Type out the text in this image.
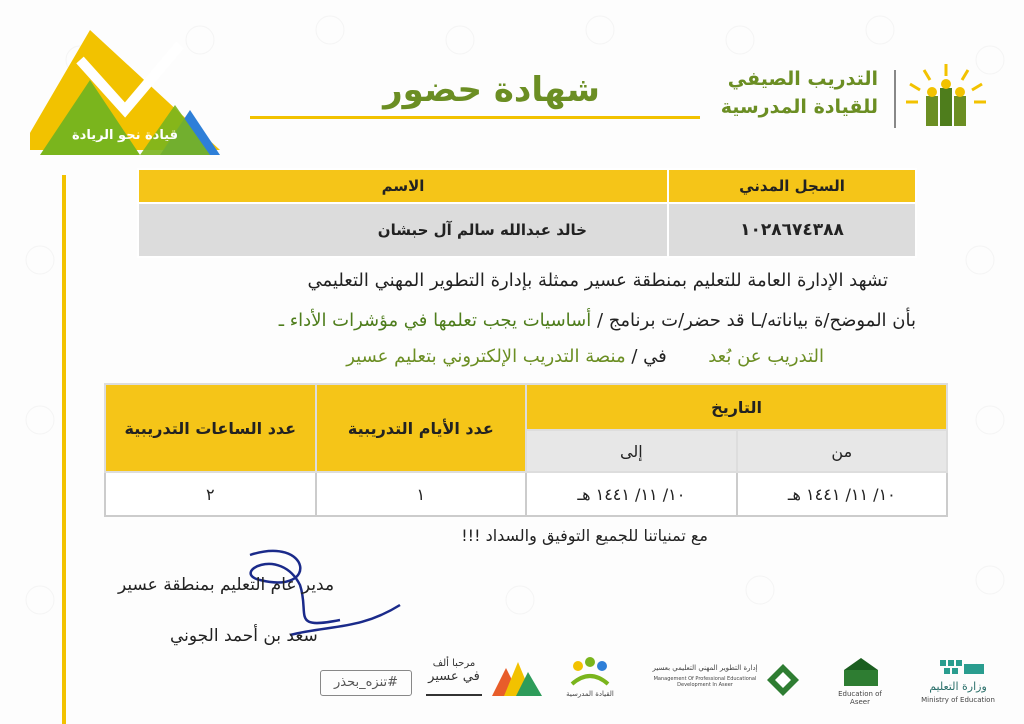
قيادة نحو الريادة
شهادة حضور	التدريب الصيفي
للقيادة المدرسية
السجل المدني	الاسم
١٠٢٨٦٧٤٣٨٨	خالد عبدالله سالم آل حبشان
تشهد الإدارة العامة للتعليم بمنطقة عسير ممثلة بإدارة التطوير المهني التعليمي
بأن الموضح/ة بياناته/ـا قد حضر/ت برنامج / أساسيات يجب تعلمها في مؤشرات الأداء ـ
التدريب عن بُعد  في / منصة التدريب الإلكتروني بتعليم عسير
التاريخ		عدد الأيام التدريبية	عدد الساعات التدريبية
من	إلى		
١٠/ ١١/ ١٤٤١ هـ	١٠/ ١١/ ١٤٤١ هـ	١	٢
مع تمنياتنا للجميع التوفيق والسداد !!!
مدير عام التعليم بمنطقة عسير
سعد بن أحمد الجوني
#تنزه_بحذر
مرحبا ألف
في عسير
القيادة المدرسية
إدارة التطوير المهني التعليمي بعسير
Management Of Professional Educational Development In Aseer
Education of Aseer
وزارة التعليم
Ministry of Education
